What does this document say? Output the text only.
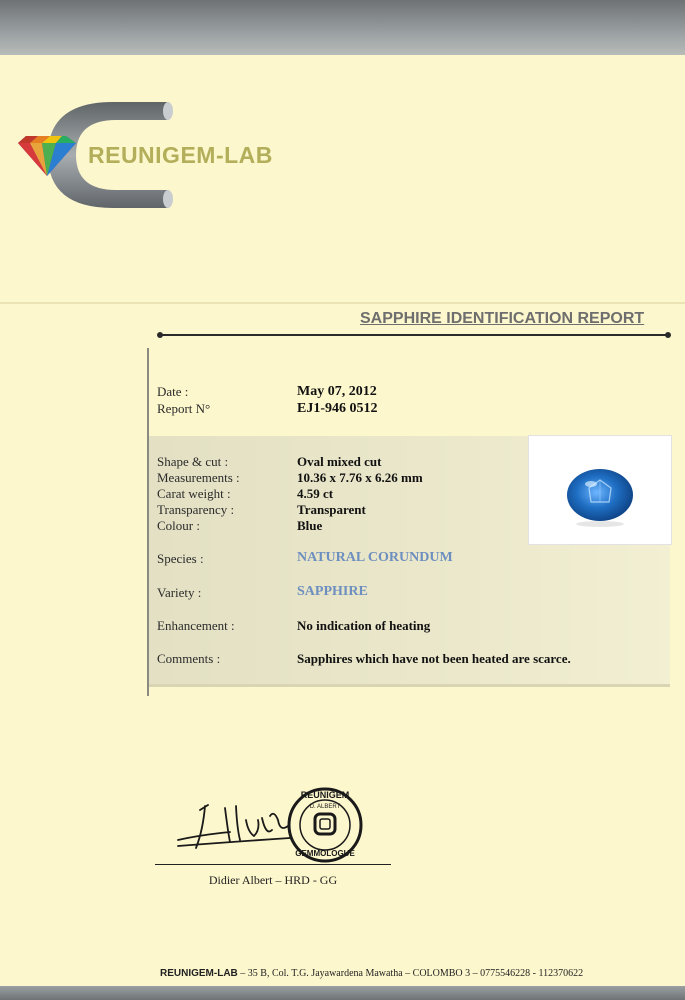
REUNIGEM-LAB
SAPPHIRE IDENTIFICATION REPORT
Date :	May 07, 2012
Report N°	EJ1-946 0512
Shape & cut :	Oval mixed cut
Measurements :	10.36 x 7.76 x 6.26 mm
Carat weight :	4.59 ct
Transparency :	Transparent
Colour :	Blue
Species :	NATURAL CORUNDUM
Variety :	SAPPHIRE
Enhancement :	No indication of heating
Comments :	Sapphires which have not been heated are scarce.
REUNIGEM
D. ALBERT
GEMMOLOGUE
Didier Albert – HRD - GG
REUNIGEM-LAB – 35 B, Col. T.G. Jayawardena Mawatha – COLOMBO 3 – 0775546228 - 112370622
